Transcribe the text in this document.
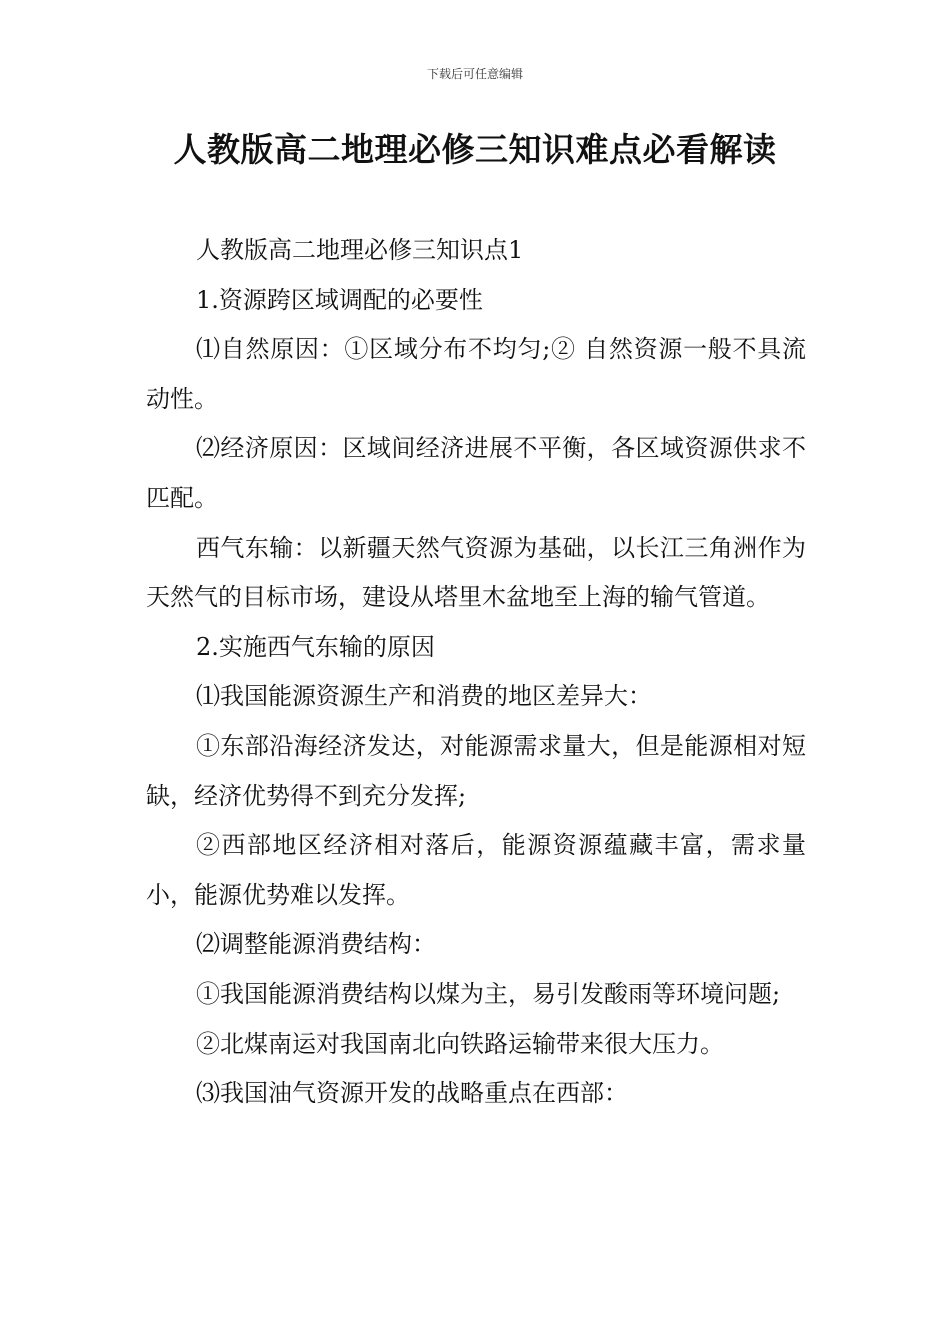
下载后可任意编辑
人教版高二地理必修三知识难点必看解读

人教版高二地理必修三知识点1

1.资源跨区域调配的必要性

⑴自然原因：①区域分布不均匀;② 自然资源一般不具流动性。

⑵经济原因：区域间经济进展不平衡，各区域资源供求不匹配。

西气东输：以新疆天然气资源为基础，以长江三角洲作为天然气的目标市场，建设从塔里木盆地至上海的输气管道。

2.实施西气东输的原因

⑴我国能源资源生产和消费的地区差异大：

①东部沿海经济发达，对能源需求量大，但是能源相对短缺，经济优势得不到充分发挥;

②西部地区经济相对落后，能源资源蕴藏丰富，需求量小，能源优势难以发挥。

⑵调整能源消费结构：

①我国能源消费结构以煤为主，易引发酸雨等环境问题;

②北煤南运对我国南北向铁路运输带来很大压力。

⑶我国油气资源开发的战略重点在西部：
